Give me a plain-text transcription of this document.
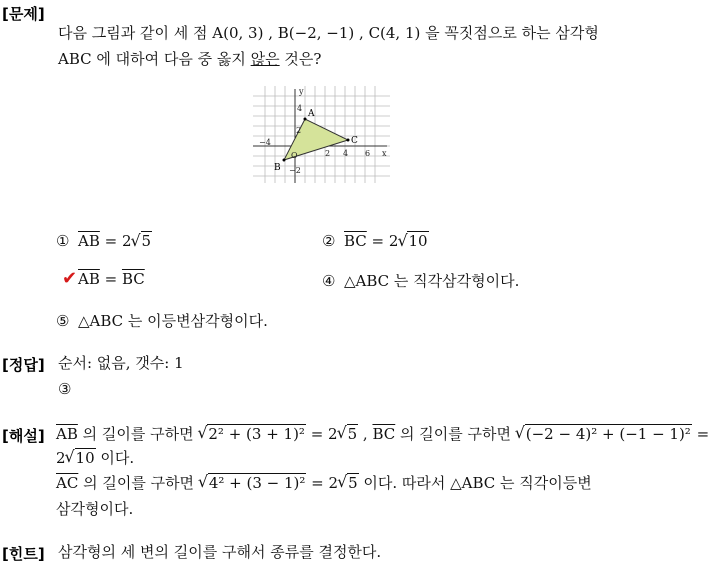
[문제]
다음 그림과 같이 세 점 A(0, 3) , B(−2, −1) , C(4, 1) 을 꼭짓점으로 하는 삼각형
ABC 에 대하여 다음 중 옳지 않은 것은?
y
x
O
4
2
−2
2 4 6
−4
A
B
C
① $\overline{AB} = 2$ √ 5	② $\overline{BC} = 2$ √ 10
✔ $\overline{AB} = \overline{BC}$	④ △ABC 는 직각삼각형이다.
⑤ △ABC 는 이등변삼각형이다.
[정답] 순서: 없음, 갯수: 1
③
[해설] $\overline{AB}$ 의 길이를 구하면 √ 2² + (3 + 1)² = 2 √ 5 , $\overline{BC}$ 의 길이를 구하면 √ (−2 − 4)² + (−1 − 1)² =
2 √ 10 이다.
$\overline{AC}$ 의 길이를 구하면 √ 4² + (3 − 1)² = 2 √ 5 이다. 따라서 △ABC 는 직각이등변
삼각형이다.
[힌트] 삼각형의 세 변의 길이를 구해서 종류를 결정한다.
